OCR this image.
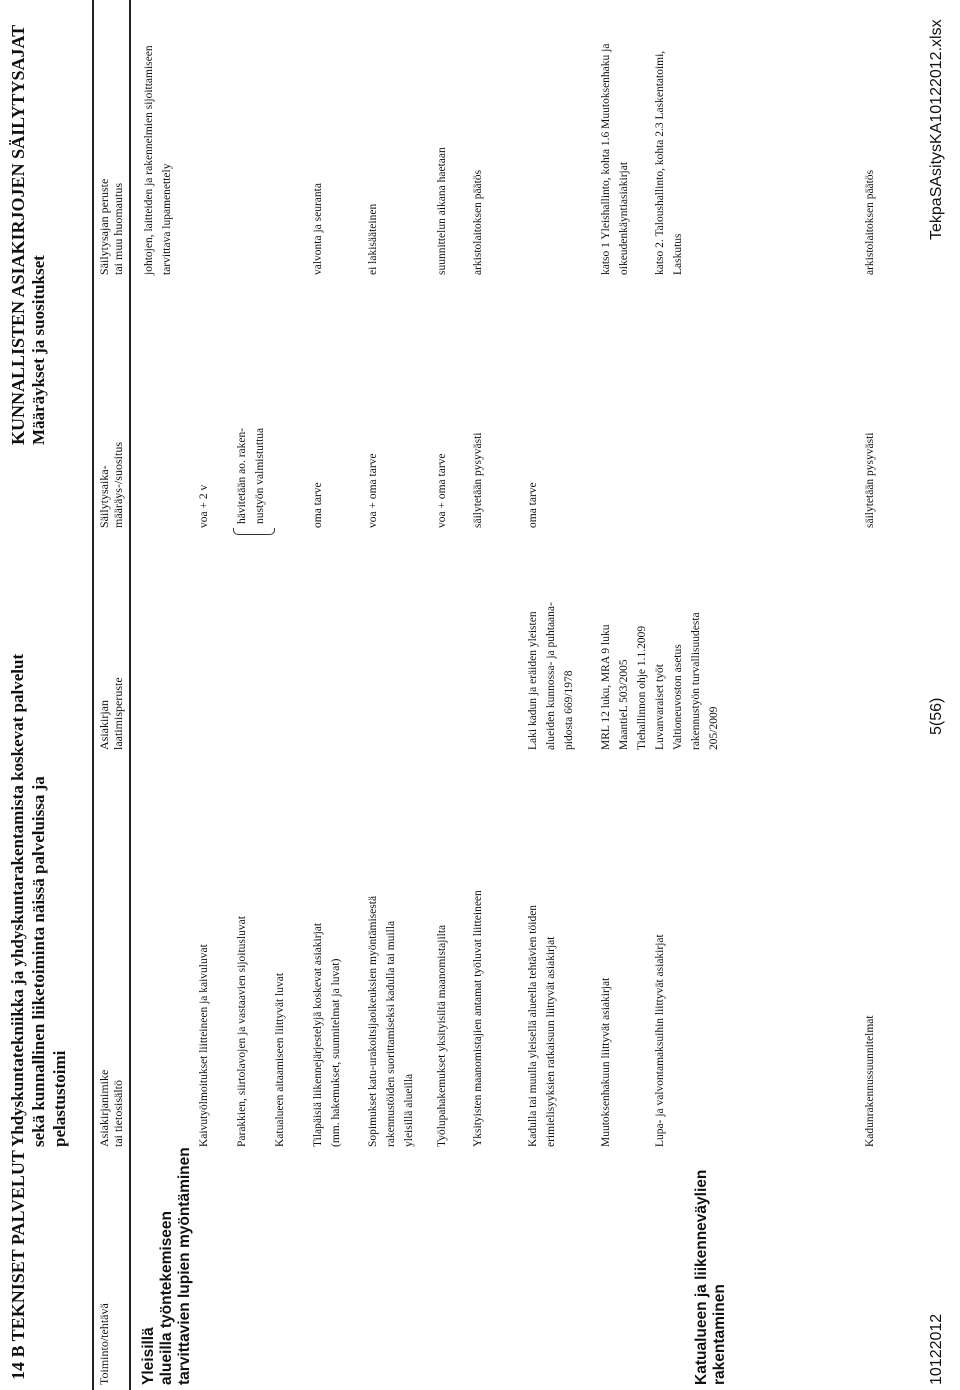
14 B TEKNISET PALVELUT
Yhdyskuntatekniikka ja yhdyskuntarakentamista koskevat palvelut sekä kunnallinen liiketoiminta näissä palveluissa ja pelastustoimi
KUNNALLISTEN ASIAKIRJOJEN SÄILYTYSAJAT Määräykset ja suositukset
Toiminto/tehtävä
Asiakirjanimike tai tietosisältö
Asiakirjan laatimisperuste
Säilytysaika- määräys-/suositus
Säilytysajan peruste tai muu huomautus
Yleisillä alueilla työntekemiseen tarvittavien lupien myöntäminen	Katualueen ja liikenneväylien rakentaminen
johtojen, laitteiden ja rakennelmien sijoittamiseen tarvittava lupamenettely
Kaivutyölmoitukset liitteineen ja kaivuluvat
voa + 2 v
Parakkien, siirtolavojen ja vastaavien sijoitusluvat
hävitetään ao. raken- nustyön valmistuttua
Katualueen aitaamiseen liittyvät luvat Tilapäisiä liikennejärjestelyjä koskevat asiakirjat (mm. hakemukset, suunnitelmat ja luvat)
oma tarve
valvonta ja seuranta
Sopimukset katu-urakoitsijaoikeuksien myöntämisestä rakennustöiden suorittamiseksi kadulla tai muilla yleisillä alueilla
voa + oma tarve
ei lakisääteinen
Työlupahakemukset yksityisiltä maanomistajilta
voa + oma tarve
suunnittelun aikana haetaan
Yksityisten maanomistajien antamat työluvat liitteineen
säilytetään pysyvästi
arkistolaitoksen päätös
Kadulla tai muulla yleisellä alueella tehtävien töiden erimielisyyksien ratkaisuun liittyvät asiakirjat
Laki kadun ja eräiden yleisten alueiden kunnossa- ja puhtaana- pidosta 669/1978
oma tarve
Muutoksenhakuun liittyvät asiakirjat
MRL 12 luku, MRA 9 luku MaantieL 503/2005 Tiehallinnon ohje 1.1.2009 Luvanvaraiset työt Valtioneuvoston asetus rakennustyön turvallisuudesta 205/2009
katso 1 Yleishallinto, kohta 1.6 Muutoksenhaku ja oikeudenkäyntiasiakirjat
Lupa- ja valvontamaksuihin liittyvät asiakirjat
katso 2. Taloushallinto, kohta 2.3 Laskentatoimi, Laskutus
Kadunrakennussuunnitelmat
säilytetään pysyvästi
arkistolaitoksen päätös
10122012
5(56)
TekpaSAsitysKA10122012.xlsx
